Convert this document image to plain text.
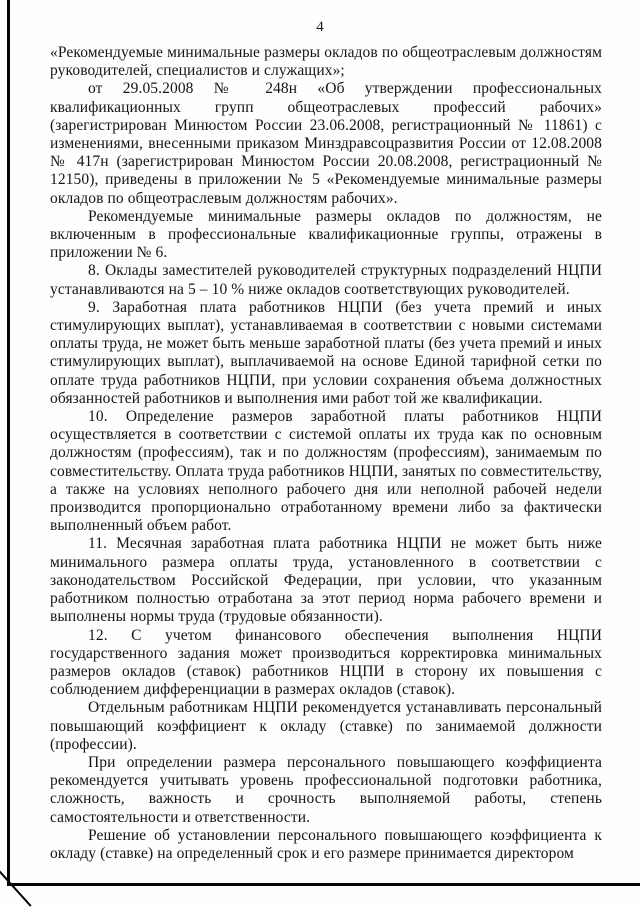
4

«Рекомендуемые минимальные размеры окладов по общеотраслевым должностям руководителей, специалистов и служащих»;

от 29.05.2008 № 248н «Об утверждении профессиональных квалификационных групп общеотраслевых профессий рабочих» (зарегистрирован Минюстом России 23.06.2008, регистрационный № 11861) с изменениями, внесенными приказом Минздравсоцразвития России от 12.08.2008 № 417н (зарегистрирован Минюстом России 20.08.2008, регистрационный № 12150), приведены в приложении № 5 «Рекомендуемые минимальные размеры окладов по общеотраслевым должностям рабочих».

Рекомендуемые минимальные размеры окладов по должностям, не включенным в профессиональные квалификационные группы, отражены в приложении № 6.

8. Оклады заместителей руководителей структурных подразделений НЦПИ устанавливаются на 5 – 10 % ниже окладов соответствующих руководителей.

9. Заработная плата работников НЦПИ (без учета премий и иных стимулирующих выплат), устанавливаемая в соответствии с новыми системами оплаты труда, не может быть меньше заработной платы (без учета премий и иных стимулирующих выплат), выплачиваемой на основе Единой тарифной сетки по оплате труда работников НЦПИ, при условии сохранения объема должностных обязанностей работников и выполнения ими работ той же квалификации.

10. Определение размеров заработной платы работников НЦПИ осуществляется в соответствии с системой оплаты их труда как по основным должностям (профессиям), так и по должностям (профессиям), занимаемым по совместительству. Оплата труда работников НЦПИ, занятых по совместительству, а также на условиях неполного рабочего дня или неполной рабочей недели производится пропорционально отработанному времени либо за фактически выполненный объем работ.

11. Месячная заработная плата работника НЦПИ не может быть ниже минимального размера оплаты труда, установленного в соответствии с законодательством Российской Федерации, при условии, что указанным работником полностью отработана за этот период норма рабочего времени и выполнены нормы труда (трудовые обязанности).

12. С учетом финансового обеспечения выполнения НЦПИ государственного задания может производиться корректировка минимальных размеров окладов (ставок) работников НЦПИ в сторону их повышения с соблюдением дифференциации в размерах окладов (ставок).

Отдельным работникам НЦПИ рекомендуется устанавливать персональный повышающий коэффициент к окладу (ставке) по занимаемой должности (профессии).

При определении размера персонального повышающего коэффициента рекомендуется учитывать уровень профессиональной подготовки работника, сложность, важность и срочность выполняемой работы, степень самостоятельности и ответственности.

Решение об установлении персонального повышающего коэффициента к окладу (ставке) на определенный срок и его размере принимается директором
